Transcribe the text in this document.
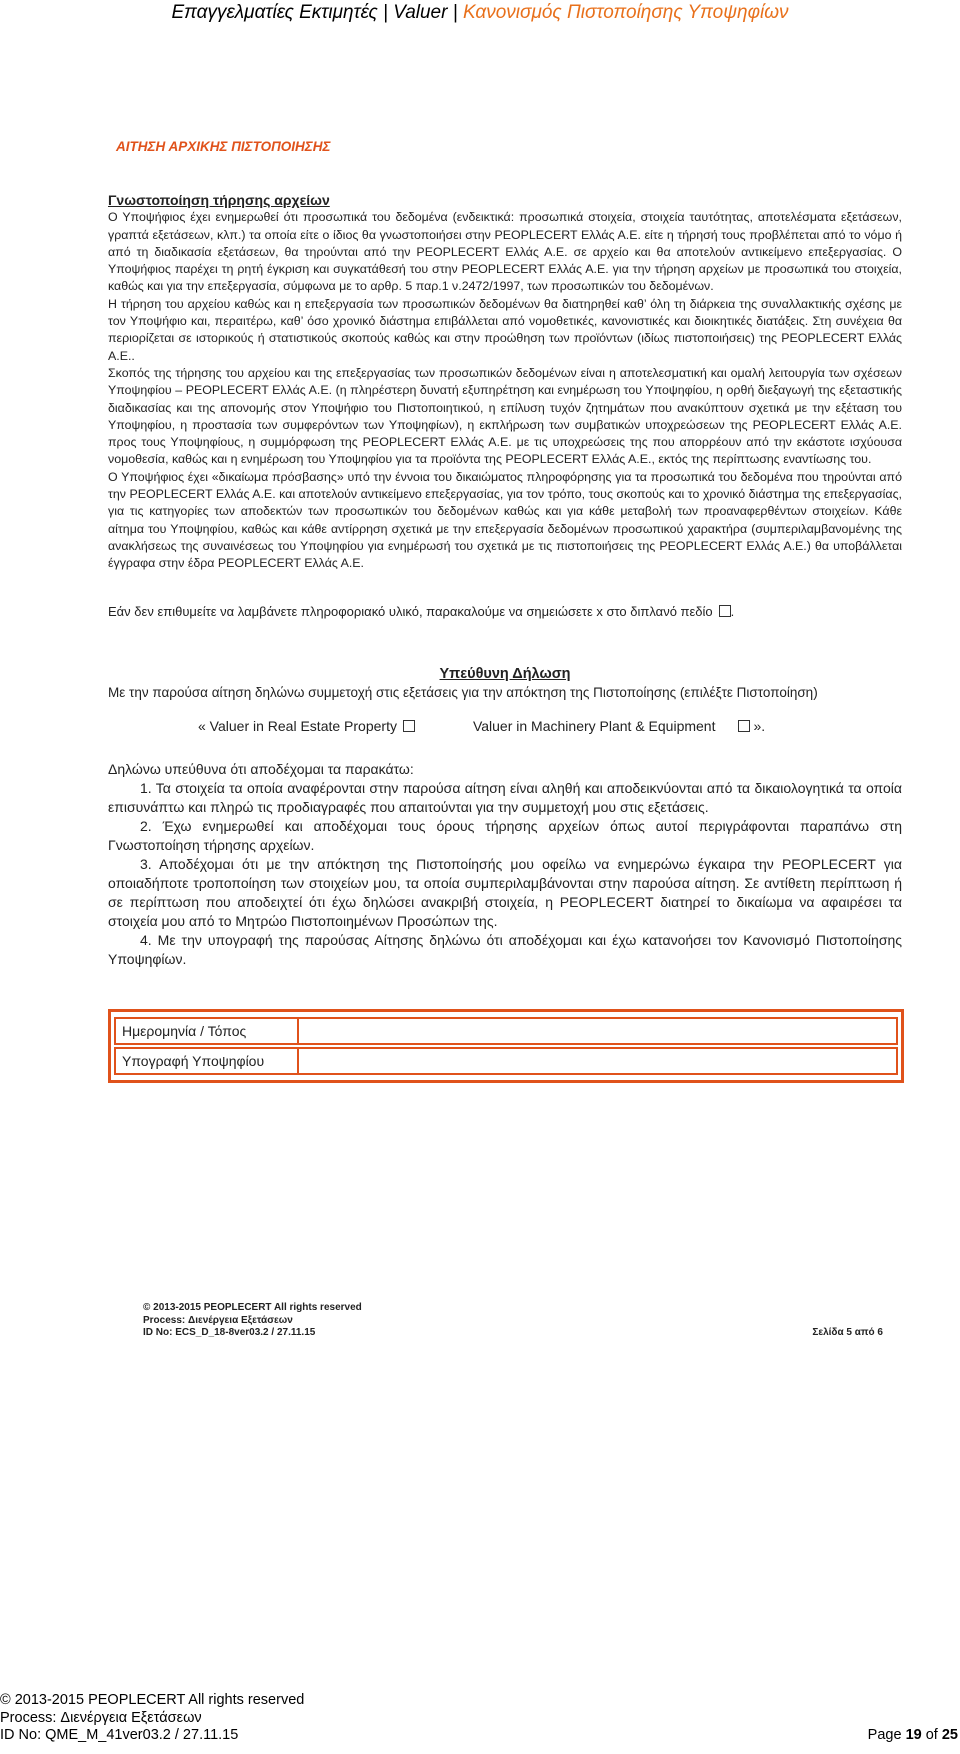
Επαγγελματίες Εκτιμητές | Valuer | Κανονισμός Πιστοποίησης Υποψηφίων
ΑΙΤΗΣΗ ΑΡΧΙΚΗΣ ΠΙΣΤΟΠΟΙΗΣΗΣ
Γνωστοποίηση τήρησης αρχείων

Ο Υποψήφιος έχει ενημερωθεί ότι προσωπικά του δεδομένα (ενδεικτικά: προσωπικά στοιχεία, στοιχεία ταυτότητας, αποτελέσματα εξετάσεων, γραπτά εξετάσεων, κλπ.) τα οποία είτε ο ίδιος θα γνωστοποιήσει στην PEOPLECERT Ελλάς Α.Ε. είτε η τήρησή τους προβλέπεται από το νόμο ή από τη διαδικασία εξετάσεων, θα τηρούνται από την PEOPLECERT Ελλάς Α.Ε. σε αρχείο και θα αποτελούν αντικείμενο επεξεργασίας. Ο Υποψήφιος παρέχει τη ρητή έγκριση και συγκατάθεσή του στην PEOPLECERT Ελλάς Α.Ε. για την τήρηση αρχείων με προσωπικά του στοιχεία, καθώς και για την επεξεργασία, σύμφωνα με το αρθρ. 5 παρ.1 ν.2472/1997, των προσωπικών του δεδομένων.

Η τήρηση του αρχείου καθώς και η επεξεργασία των προσωπικών δεδομένων θα διατηρηθεί καθ’ όλη τη διάρκεια της συναλλακτικής σχέσης με τον Υποψήφιο και, περαιτέρω, καθ’ όσο χρονικό διάστημα επιβάλλεται από νομοθετικές, κανονιστικές και διοικητικές διατάξεις. Στη συνέχεια θα περιορίζεται σε ιστορικούς ή στατιστικούς σκοπούς καθώς και στην προώθηση των προϊόντων (ιδίως πιστοποιήσεις) της PEOPLECERT Ελλάς Α.Ε..

Σκοπός της τήρησης του αρχείου και της επεξεργασίας των προσωπικών δεδομένων είναι η αποτελεσματική και ομαλή λειτουργία των σχέσεων Υποψηφίου – PEOPLECERT Ελλάς Α.Ε. (η πληρέστερη δυνατή εξυπηρέτηση και ενημέρωση του Υποψηφίου, η ορθή διεξαγωγή της εξεταστικής διαδικασίας και της απονομής στον Υποψήφιο του Πιστοποιητικού, η επίλυση τυχόν ζητημάτων που ανακύπτουν σχετικά με την εξέταση του Υποψηφίου, η προστασία των συμφερόντων των Υποψηφίων), η εκπλήρωση των συμβατικών υποχρεώσεων της PEOPLECERT Ελλάς Α.Ε. προς τους Υποψηφίους, η συμμόρφωση της PEOPLECERT Ελλάς Α.Ε. με τις υποχρεώσεις της που απορρέουν από την εκάστοτε ισχύουσα νομοθεσία, καθώς και η ενημέρωση του Υποψηφίου για τα προϊόντα της PEOPLECERT Ελλάς Α.Ε., εκτός της περίπτωσης εναντίωσης του.

Ο Υποψήφιος έχει «δικαίωμα πρόσβασης» υπό την έννοια του δικαιώματος πληροφόρησης για τα προσωπικά του δεδομένα που τηρούνται από την PEOPLECERT Ελλάς Α.Ε. και αποτελούν αντικείμενο επεξεργασίας, για τον τρόπο, τους σκοπούς και το χρονικό διάστημα της επεξεργασίας, για τις κατηγορίες των αποδεκτών των προσωπικών του δεδομένων καθώς και για κάθε μεταβολή των προαναφερθέντων στοιχείων. Κάθε αίτημα του Υποψηφίου, καθώς και κάθε αντίρρηση σχετικά με την επεξεργασία δεδομένων προσωπικού χαρακτήρα (συμπεριλαμβανομένης της ανακλήσεως της συναινέσεως του Υποψηφίου για ενημέρωσή του σχετικά με τις πιστοποιήσεις της PEOPLECERT Ελλάς Α.Ε.) θα υποβάλλεται έγγραφα στην έδρα PEOPLECERT Ελλάς Α.Ε.

Εάν δεν επιθυμείτε να λαμβάνετε πληροφοριακό υλικό, παρακαλούμε να σημειώσετε x στο διπλανό πεδίο .
Υπεύθυνη Δήλωση
Με την παρούσα αίτηση δηλώνω συμμετοχή στις εξετάσεις για την απόκτηση της Πιστοποίησης (επιλέξτε Πιστοποίηση)
« Valuer in Real Estate Property	Valuer in Machinery Plant & Equipment	».
Δηλώνω υπεύθυνα ότι αποδέχομαι τα παρακάτω:
1. Τα στοιχεία τα οποία αναφέρονται στην παρούσα αίτηση είναι αληθή και αποδεικνύονται από τα δικαιολογητικά τα οποία επισυνάπτω και πληρώ τις προδιαγραφές που απαιτούνται για την συμμετοχή μου στις εξετάσεις.
2. Έχω ενημερωθεί και αποδέχομαι τους όρους τήρησης αρχείων όπως αυτοί περιγράφονται παραπάνω στη Γνωστοποίηση τήρησης αρχείων.
3. Αποδέχομαι ότι με την απόκτηση της Πιστοποίησής μου οφείλω να ενημερώνω έγκαιρα την PEOPLECERT για οποιαδήποτε τροποποίηση των στοιχείων μου, τα οποία συμπεριλαμβάνονται στην παρούσα αίτηση. Σε αντίθετη περίπτωση ή σε περίπτωση που αποδειχτεί ότι έχω δηλώσει ανακριβή στοιχεία, η PEOPLECERT διατηρεί το δικαίωμα να αφαιρέσει τα στοιχεία μου από το Μητρώο Πιστοποιημένων Προσώπων της.
4. Με την υπογραφή της παρούσας Αίτησης δηλώνω ότι αποδέχομαι και έχω κατανοήσει τον Κανονισμό Πιστοποίησης Υποψηφίων.
Ημερομηνία / Τόπος
Υπογραφή Υποψηφίου
© 2013-2015 PEOPLECERT All rights reserved
Process: Διενέργεια Εξετάσεων
ID No: ECS_D_18-8ver03.2 / 27.11.15	Σελίδα 5 από 6
© 2013-2015 PEOPLECERT All rights reserved
Process: Διενέργεια Εξετάσεων
ID No: QME_M_41ver03.2 / 27.11.15	Page 19 of 25
